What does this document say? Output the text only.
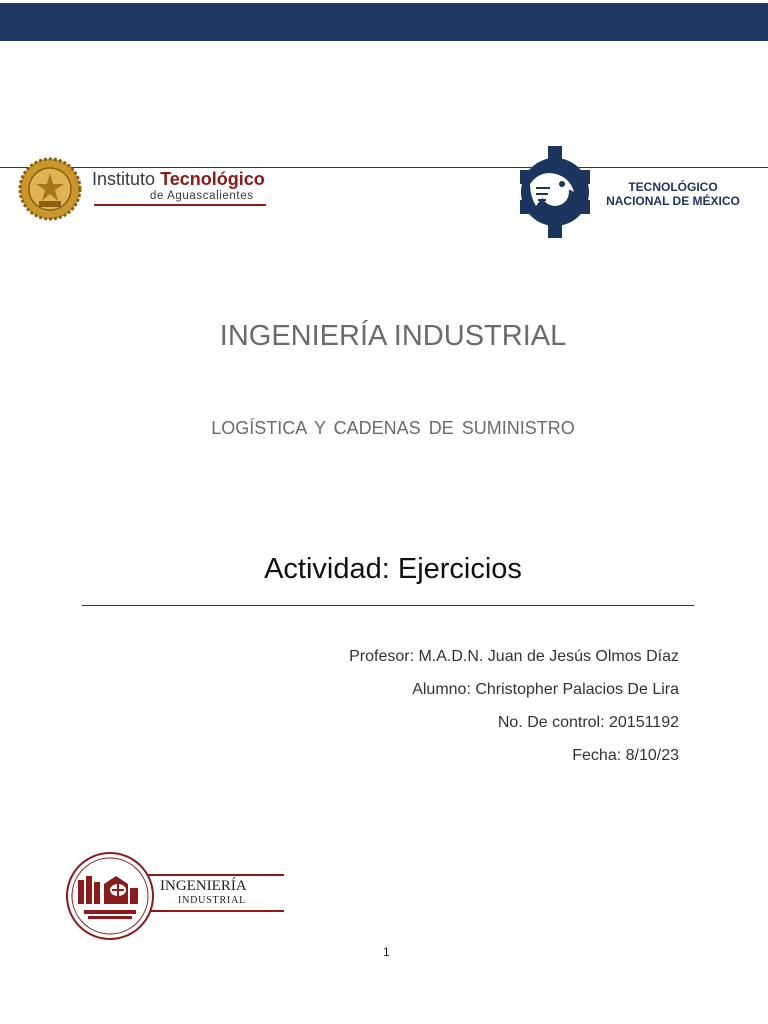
Instituto Tecnológico
de Aguascalientes
TECNOLÓGICO
NACIONAL DE MÉXICO
INGENIERÍA INDUSTRIAL
LOGÍSTICA Y CADENAS DE SUMINISTRO
Actividad: Ejercicios
Profesor: M.A.D.N. Juan de Jesús Olmos Díaz
Alumno: Christopher Palacios De Lira
No. De control: 20151192
Fecha: 8/10/23
INGENIERÍA
INDUSTRIAL
1
